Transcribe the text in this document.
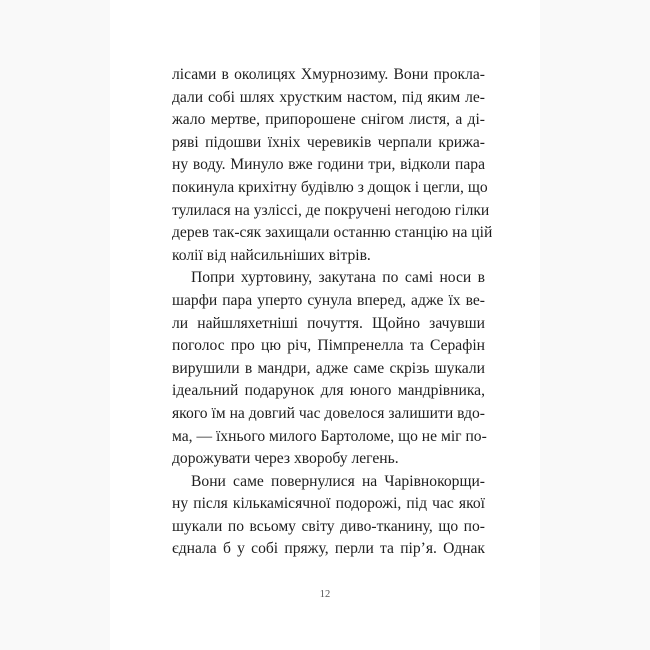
лісами в околицях Хмурнозиму. Вони прокла-
дали собі шлях хрустким настом, під яким ле-
жало мертве, припорошене снігом листя, а ді-
ряві підошви їхніх черевиків черпали крижа-
ну воду. Минуло вже години три, відколи пара
покинула крихітну будівлю з дощок і цегли, що
тулилася на узліссі, де покручені негодою гілки
дерев так-сяк захищали останню станцію на цій
колії від найсильніших вітрів.
Попри хуртовину, закутана по самі носи в
шарфи пара уперто сунула вперед, адже їх ве-
ли найшляхетніші почуття. Щойно зачувши
поголос про цю річ, Пімпренелла та Серафін
вирушили в мандри, адже саме скрізь шукали
ідеальний подарунок для юного мандрівника,
якого їм на довгий час довелося залишити вдо-
ма, — їхнього милого Бартоломе, що не міг по-
дорожувати через хворобу легень.
Вони саме повернулися на Чарівнокорщи-
ну після кількамісячної подорожі, під час якої
шукали по всьому світу диво-тканину, що по-
єднала б у собі пряжу, перли та пір’я. Однак
12
